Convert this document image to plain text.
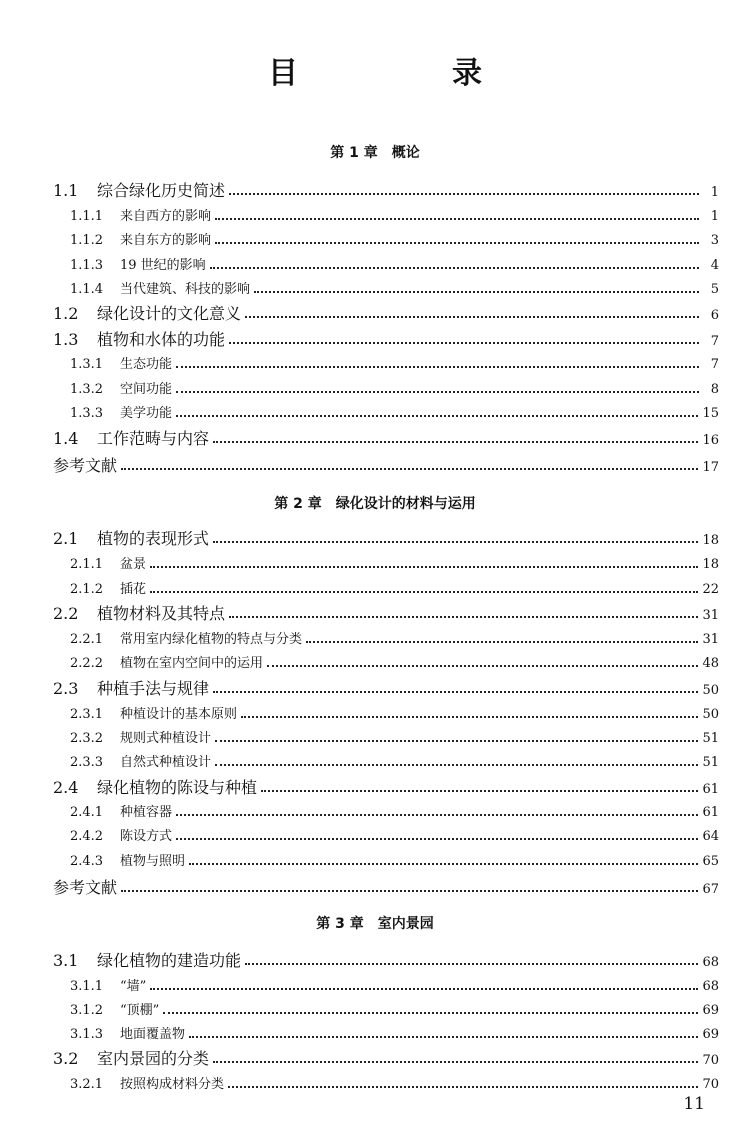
目　录
第 1 章 概论
1.1	综合绿化历史简述	1
1.1.1	来自西方的影响	1
1.1.2	来自东方的影响	3
1.1.3	19 世纪的影响	4
1.1.4	当代建筑、科技的影响	5
1.2	绿化设计的文化意义	6
1.3	植物和水体的功能	7
1.3.1	生态功能	7
1.3.2	空间功能	8
1.3.3	美学功能	15
1.4	工作范畴与内容	16
参考文献	17
第 2 章 绿化设计的材料与运用
2.1	植物的表现形式	18
2.1.1	盆景	18
2.1.2	插花	22
2.2	植物材料及其特点	31
2.2.1	常用室内绿化植物的特点与分类	31
2.2.2	植物在室内空间中的运用	48
2.3	种植手法与规律	50
2.3.1	种植设计的基本原则	50
2.3.2	规则式种植设计	51
2.3.3	自然式种植设计	51
2.4	绿化植物的陈设与种植	61
2.4.1	种植容器	61
2.4.2	陈设方式	64
2.4.3	植物与照明	65
参考文献	67
第 3 章 室内景园
3.1	绿化植物的建造功能	68
3.1.1	“墙”	68
3.1.2	“顶棚”	69
3.1.3	地面覆盖物	69
3.2	室内景园的分类	70
3.2.1	按照构成材料分类	70
11
